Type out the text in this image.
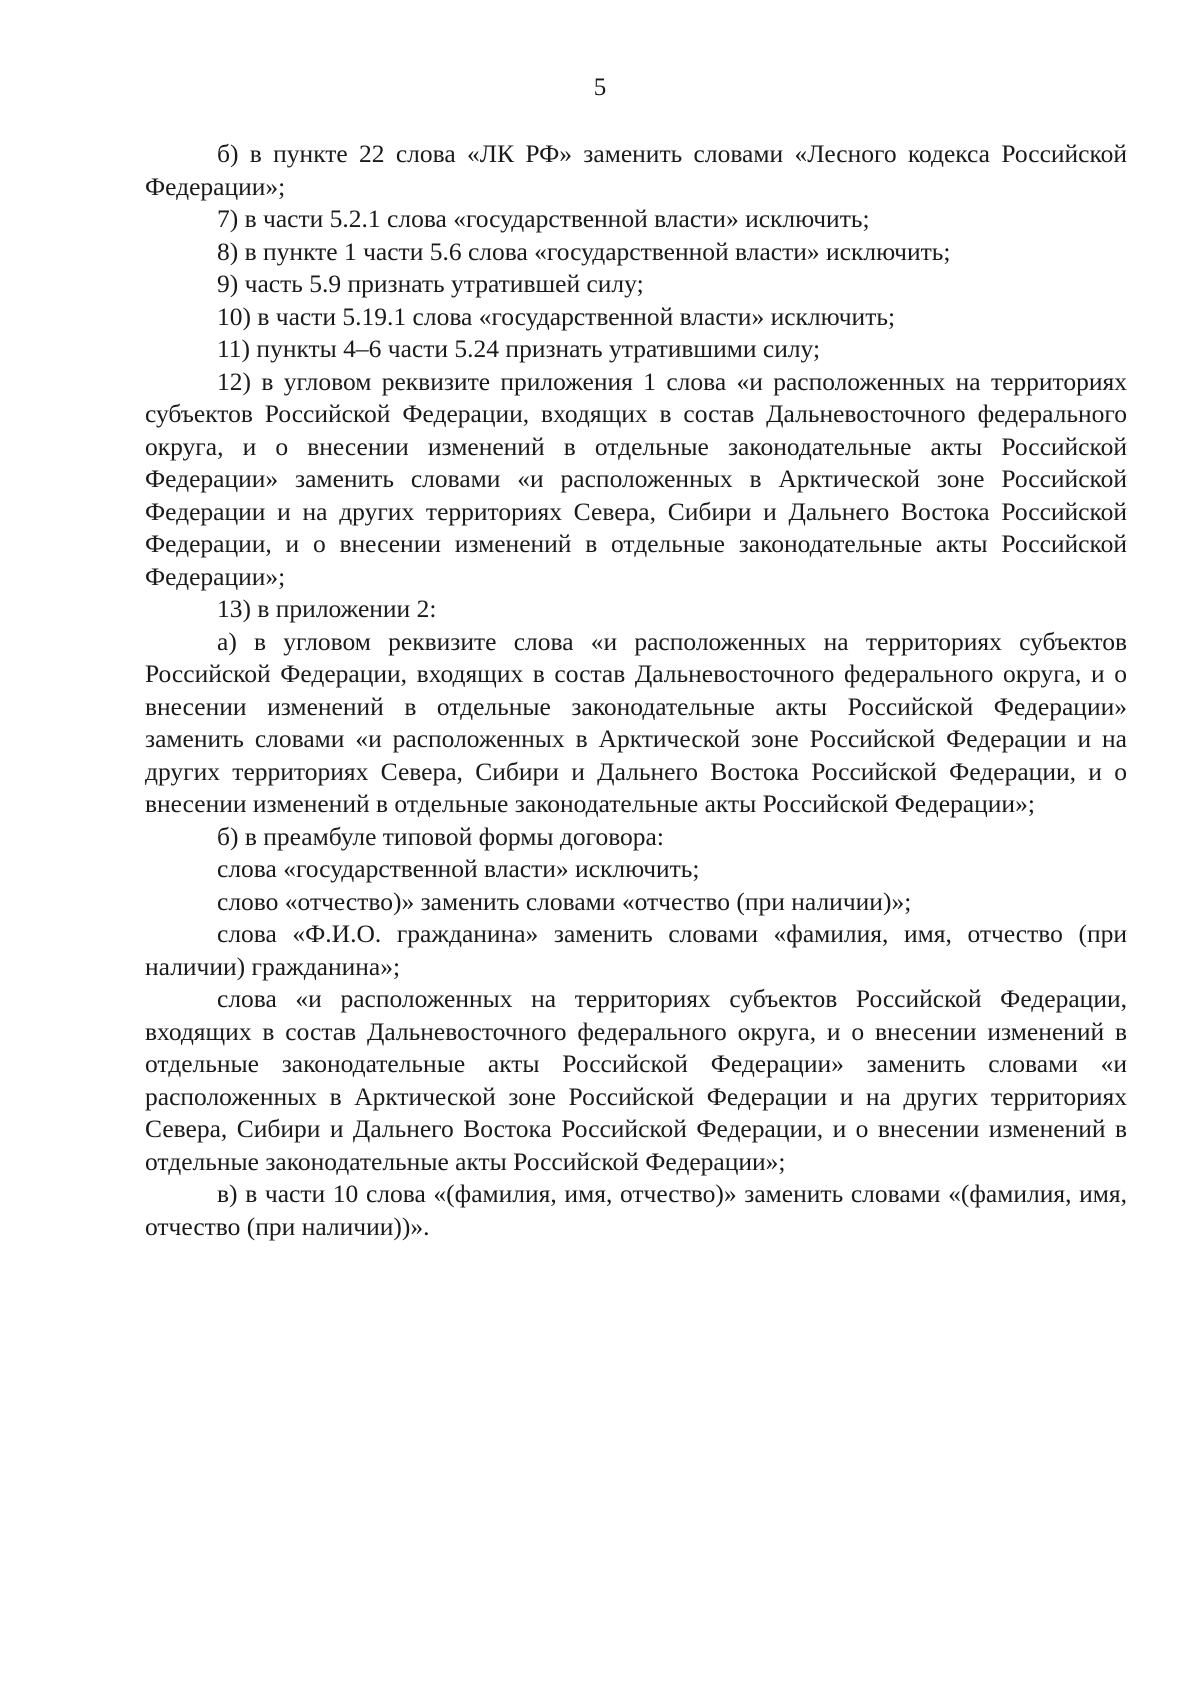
5

б) в пункте 22 слова «ЛК РФ» заменить словами «Лесного кодекса Российской Федерации»;

7) в части 5.2.1 слова «государственной власти» исключить;

8) в пункте 1 части 5.6 слова «государственной власти» исключить;

9) часть 5.9 признать утратившей силу;

10) в части 5.19.1 слова «государственной власти» исключить;

11) пункты 4–6 части 5.24 признать утратившими силу;

12) в угловом реквизите приложения 1 слова «и расположенных на территориях субъектов Российской Федерации, входящих в состав Дальневосточного федерального округа, и о внесении изменений в отдельные законодательные акты Российской Федерации» заменить словами «и расположенных в Арктической зоне Российской Федерации и на других территориях Севера, Сибири и Дальнего Востока Российской Федерации, и о внесении изменений в отдельные законодательные акты Российской Федерации»;

13) в приложении 2:

а) в угловом реквизите слова «и расположенных на территориях субъектов Российской Федерации, входящих в состав Дальневосточного федерального округа, и о внесении изменений в отдельные законодательные акты Российской Федерации» заменить словами «и расположенных в Арктической зоне Российской Федерации и на других территориях Севера, Сибири и Дальнего Востока Российской Федерации, и о внесении изменений в отдельные законодательные акты Российской Федерации»;

б) в преамбуле типовой формы договора:

слова «государственной власти» исключить;

слово «отчество)» заменить словами «отчество (при наличии)»;

слова «Ф.И.О. гражданина» заменить словами «фамилия, имя, отчество (при наличии) гражданина»;

слова «и расположенных на территориях субъектов Российской Федерации, входящих в состав Дальневосточного федерального округа, и о внесении изменений в отдельные законодательные акты Российской Федерации» заменить словами «и расположенных в Арктической зоне Российской Федерации и на других территориях Севера, Сибири и Дальнего Востока Российской Федерации, и о внесении изменений в отдельные законодательные акты Российской Федерации»;

в) в части 10 слова «(фамилия, имя, отчество)» заменить словами «(фамилия, имя, отчество (при наличии))».
